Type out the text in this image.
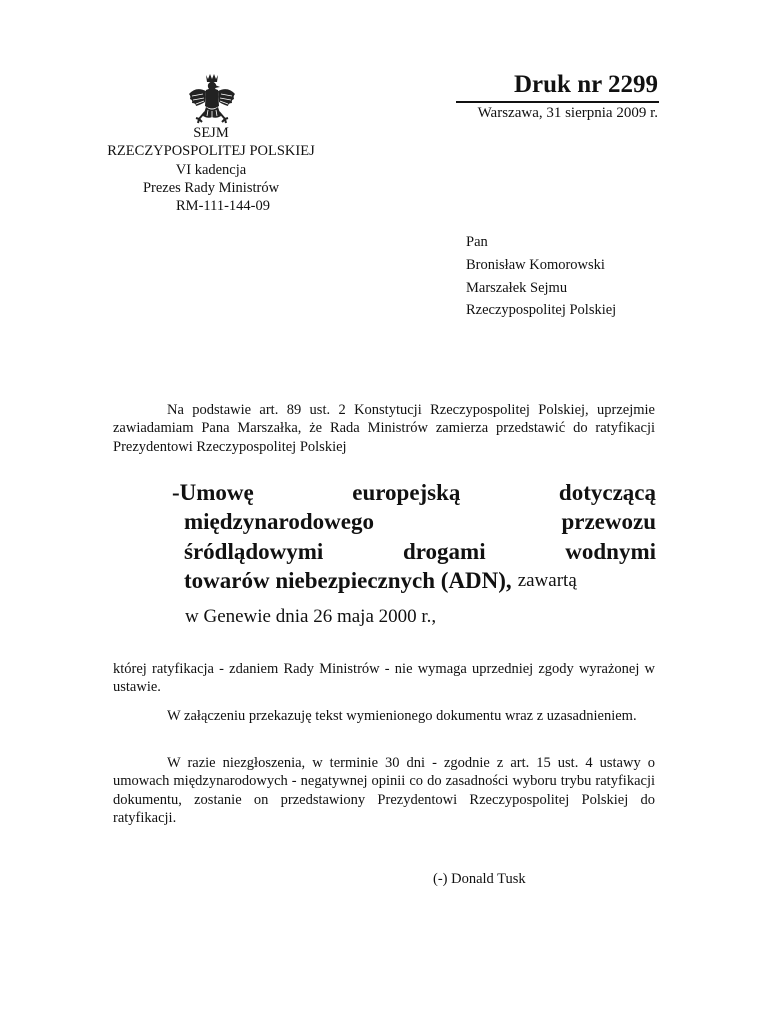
SEJM
RZECZYPOSPOLITEJ POLSKIEJ
VI kadencja
Prezes Rady Ministrów
RM-111-144-09
Druk nr 2299
Warszawa, 31 sierpnia 2009 r.
Pan
Bronisław Komorowski
Marszałek Sejmu
Rzeczypospolitej Polskiej
Na podstawie art. 89 ust. 2 Konstytucji Rzeczypospolitej Polskiej, uprzejmie zawiadamiam Pana Marszałka, że Rada Ministrów zamierza przedstawić do ratyfikacji Prezydentowi Rzeczypospolitej Polskiej
-Umowę	europejską	dotyczącą
międzynarodowego	przewozu
śródlądowymi	drogami	wodnymi
towarów niebezpiecznych (ADN), zawartą
w Genewie dnia 26 maja 2000 r.,
której ratyfikacja - zdaniem Rady Ministrów - nie wymaga uprzedniej zgody wyrażonej w ustawie.
W załączeniu przekazuję tekst wymienionego dokumentu wraz z uzasadnieniem.
W razie niezgłoszenia, w terminie 30 dni - zgodnie z art. 15 ust. 4 ustawy o umowach międzynarodowych - negatywnej opinii co do zasadności wyboru trybu ratyfikacji dokumentu, zostanie on przedstawiony Prezydentowi Rzeczypospolitej Polskiej do ratyfikacji.
(-) Donald Tusk
